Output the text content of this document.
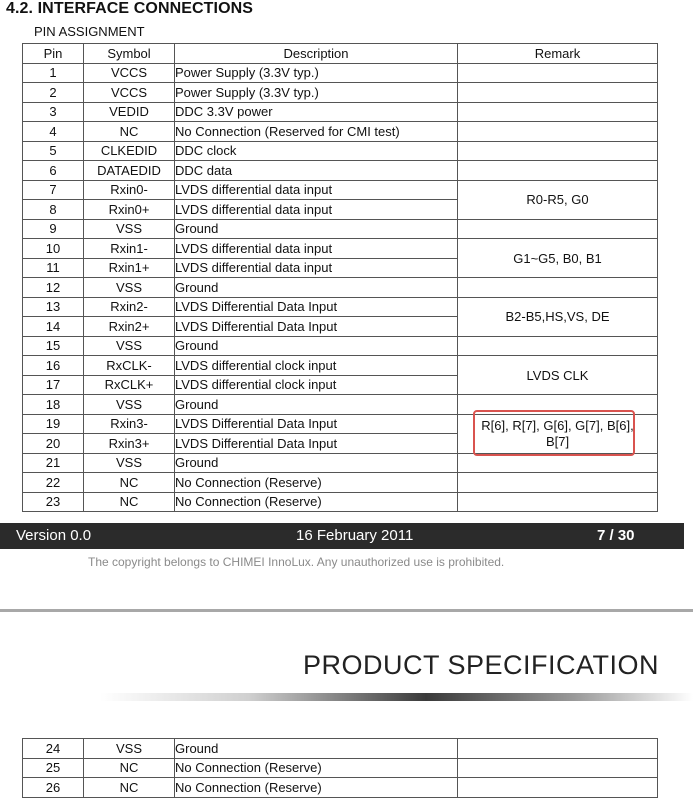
4.2. INTERFACE CONNECTIONS
PIN ASSIGNMENT
Pin	Symbol	Description	Remark
1	VCCS	Power Supply (3.3V typ.)	
2	VCCS	Power Supply (3.3V typ.)	
3	VEDID	DDC 3.3V power	
4	NC	No Connection (Reserved for CMI test)	
5	CLKEDID	DDC clock	
6	DATAEDID	DDC data	
7	Rxin0-	LVDS differential data input	R0-R5, G0
8	Rxin0+	LVDS differential data input	
9	VSS	Ground	
10	Rxin1-	LVDS differential data input	G1~G5, B0, B1
11	Rxin1+	LVDS differential data input	
12	VSS	Ground	
13	Rxin2-	LVDS Differential Data Input	B2-B5,HS,VS, DE
14	Rxin2+	LVDS Differential Data Input	
15	VSS	Ground	
16	RxCLK-	LVDS differential clock input	LVDS CLK
17	RxCLK+	LVDS differential clock input	
18	VSS	Ground	
19	Rxin3-	LVDS Differential Data Input	R[6], R[7], G[6], G[7], B[6], B[7]
20	Rxin3+	LVDS Differential Data Input	
21	VSS	Ground	
22	NC	No Connection (Reserve)	
23	NC	No Connection (Reserve)	
Version 0.0	16 February 2011	7 / 30
The copyright belongs to CHIMEI InnoLux. Any unauthorized use is prohibited.
PRODUCT SPECIFICATION
24	VSS	Ground	
25	NC	No Connection (Reserve)	
26	NC	No Connection (Reserve)	
